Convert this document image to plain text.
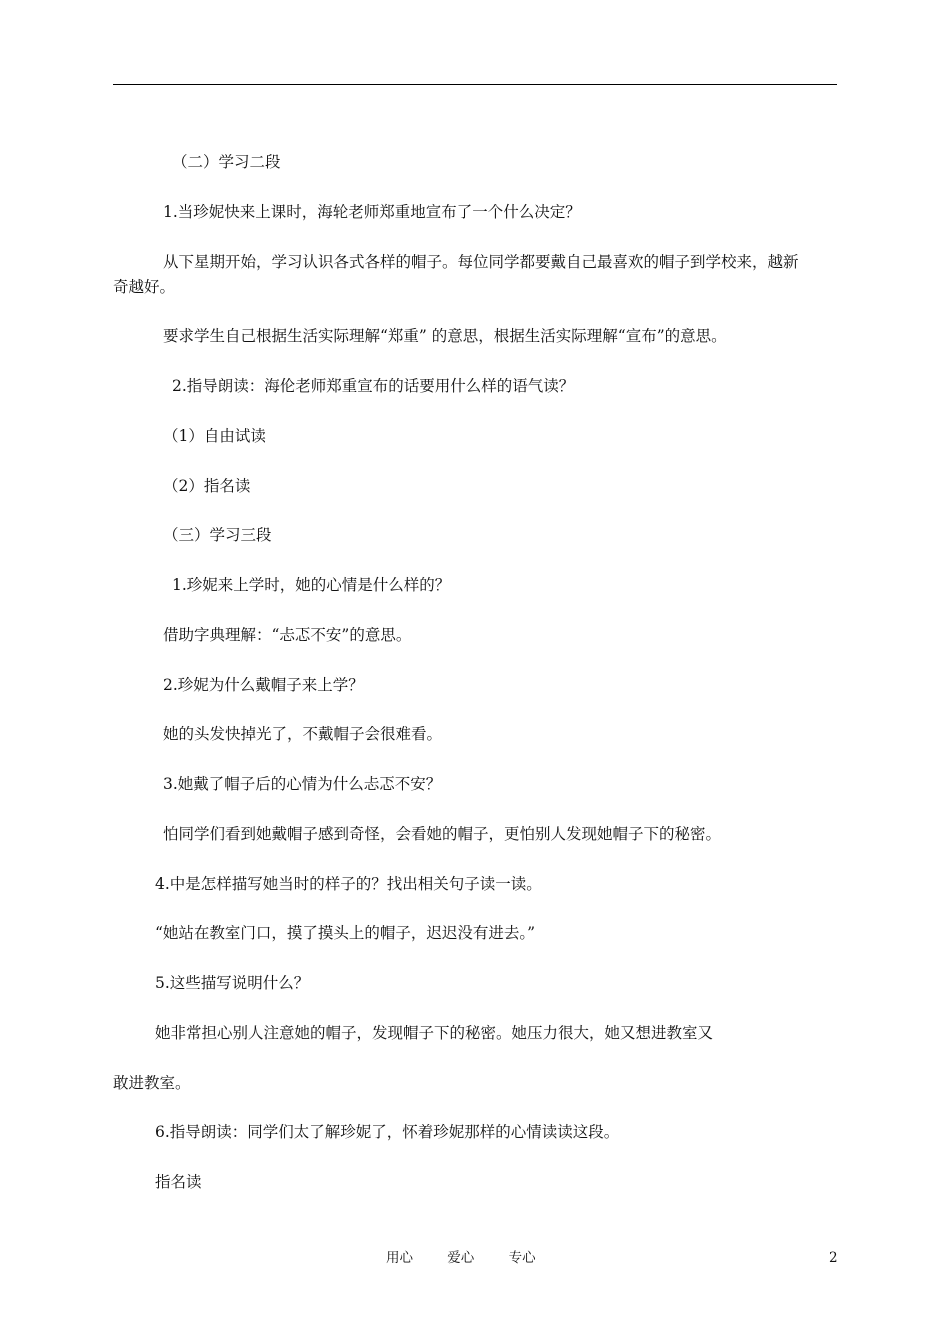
（二）学习二段
1.当珍妮快来上课时，海轮老师郑重地宣布了一个什么决定？
从下星期开始，学习认识各式各样的帽子。每位同学都要戴自己最喜欢的帽子到学校来，越新
奇越好。
要求学生自己根据生活实际理解“郑重” 的意思，根据生活实际理解“宣布”的意思。
2.指导朗读：海伦老师郑重宣布的话要用什么样的语气读？
（1）自由试读
（2）指名读
（三）学习三段
1.珍妮来上学时，她的心情是什么样的？
借助字典理解：“忐忑不安”的意思。
2.珍妮为什么戴帽子来上学？
她的头发快掉光了，不戴帽子会很难看。
3.她戴了帽子后的心情为什么忐忑不安？
怕同学们看到她戴帽子感到奇怪，会看她的帽子，更怕别人发现她帽子下的秘密。
4.中是怎样描写她当时的样子的？找出相关句子读一读。
“她站在教室门口，摸了摸头上的帽子，迟迟没有进去。”
5.这些描写说明什么？
她非常担心别人注意她的帽子，发现帽子下的秘密。她压力很大，她又想进教室又
敢进教室。
6.指导朗读：同学们太了解珍妮了，怀着珍妮那样的心情读读这段。
指名读
用心	爱心	专心	2
